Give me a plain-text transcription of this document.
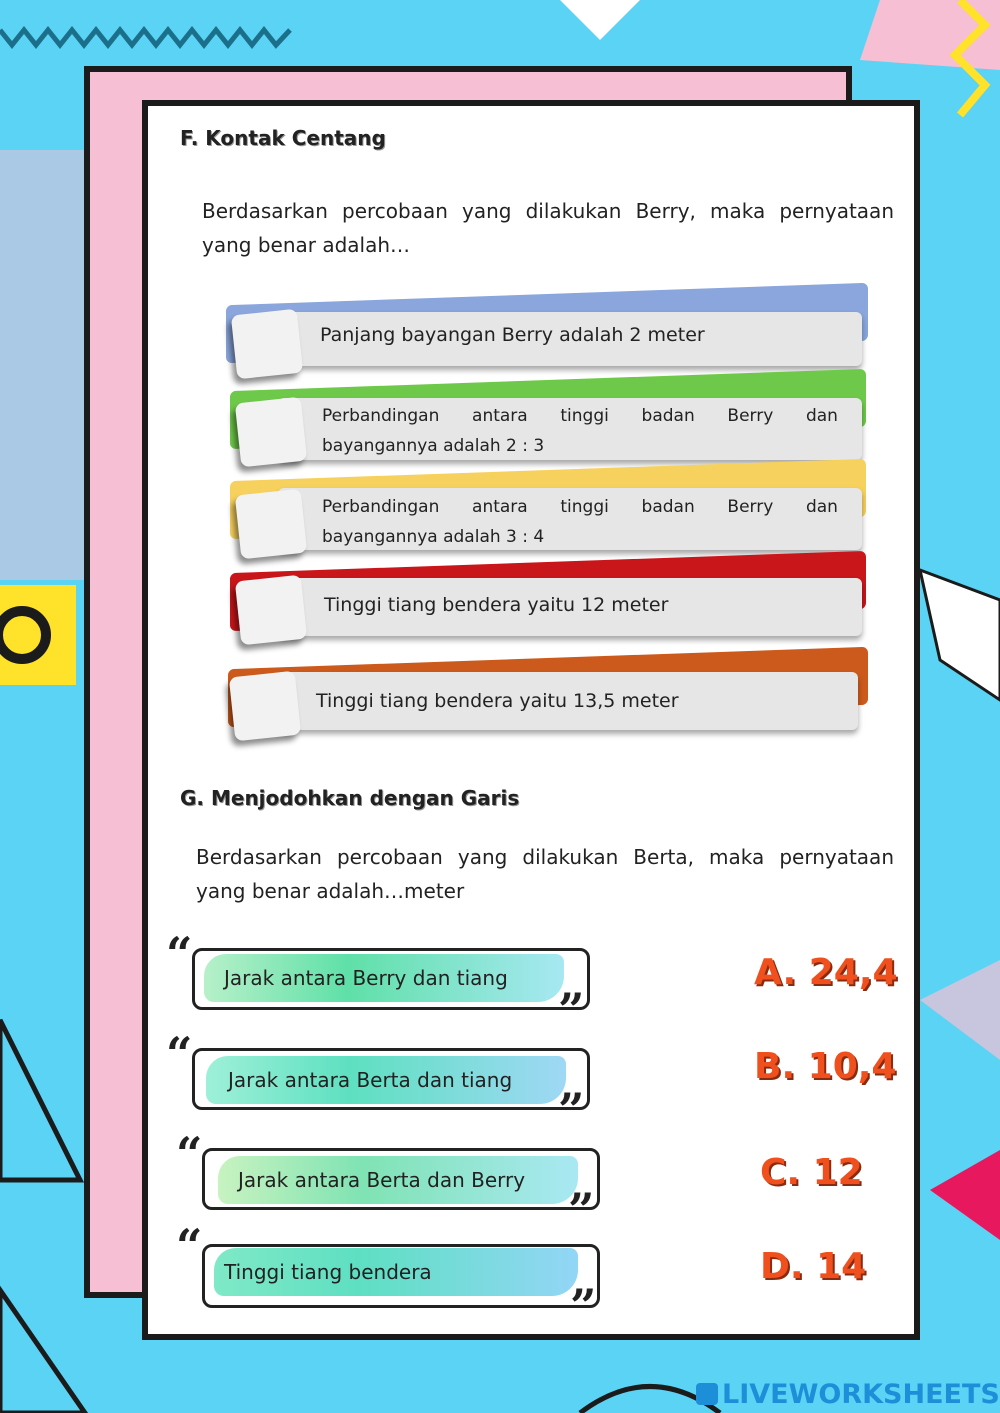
F. Kontak Centang
Berdasarkan percobaan yang dilakukan Berry, maka pernyataan
yang benar adalah…
Panjang bayangan Berry adalah 2 meter
Perbandingan antara tinggi badan Berry dan
bayangannya adalah 2 : 3
Perbandingan antara tinggi badan Berry dan
bayangannya adalah 3 : 4
Tinggi tiang bendera yaitu 12 meter
Tinggi tiang bendera yaitu 13,5 meter
G. Menjodohkan dengan Garis
Berdasarkan percobaan yang dilakukan Berta, maka pernyataan
yang benar adalah…meter
“ Jarak antara Berry dan tiang
”
“ Jarak antara Berta dan tiang
”
“ Jarak antara Berta dan Berry
”
“ Tinggi tiang bendera
”
A. 24,4
B. 10,4
C. 12
D. 14
LIVEWORKSHEETS
